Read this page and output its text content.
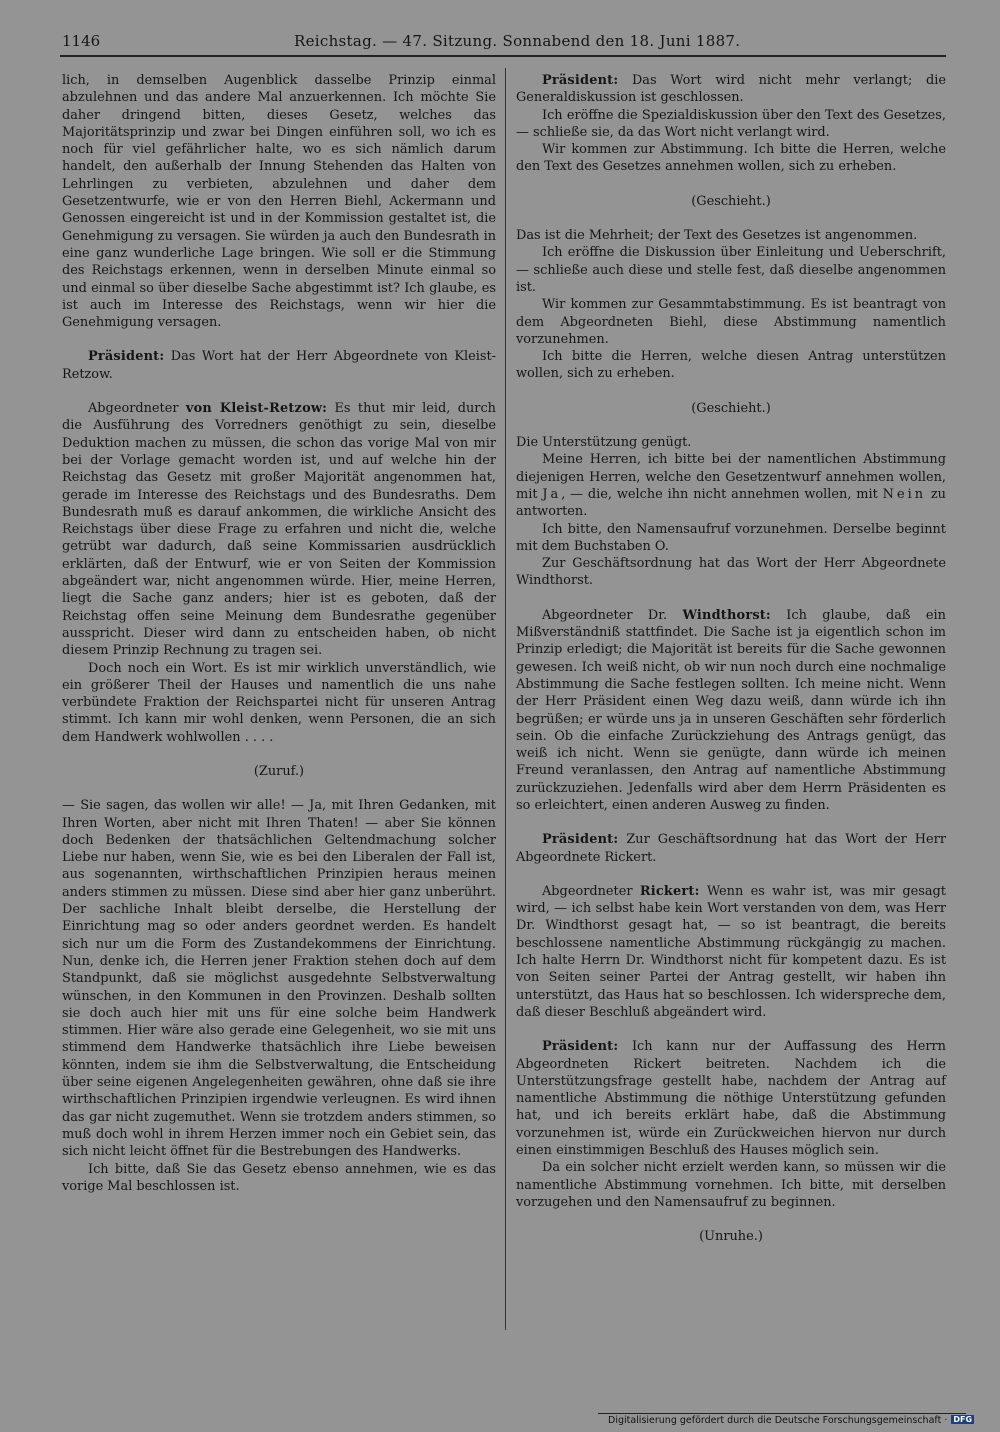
1146	Reichstag. — 47. Sitzung. Sonnabend den 18. Juni 1887.

lich, in demselben Augenblick dasselbe Prinzip einmal abzulehnen und das andere Mal anzuerkennen. Ich möchte Sie daher dringend bitten, dieses Gesetz, welches das Majoritätsprinzip und zwar bei Dingen einführen soll, wo ich es noch für viel gefährlicher halte, wo es sich nämlich darum handelt, den außerhalb der Innung Stehenden das Halten von Lehrlingen zu verbieten, abzulehnen und daher dem Gesetzentwurfe, wie er von den Herren Biehl, Ackermann und Genossen eingereicht ist und in der Kommission gestaltet ist, die Genehmigung zu versagen. Sie würden ja auch den Bundesrath in eine ganz wunderliche Lage bringen. Wie soll er die Stimmung des Reichstags erkennen, wenn in derselben Minute einmal so und einmal so über dieselbe Sache abgestimmt ist? Ich glaube, es ist auch im Interesse des Reichstags, wenn wir hier die Genehmigung versagen.

Präsident: Das Wort hat der Herr Abgeordnete von Kleist-Retzow.

Abgeordneter von Kleist-Retzow: Es thut mir leid, durch die Ausführung des Vorredners genöthigt zu sein, dieselbe Deduktion machen zu müssen, die schon das vorige Mal von mir bei der Vorlage gemacht worden ist, und auf welche hin der Reichstag das Gesetz mit großer Majorität angenommen hat, gerade im Interesse des Reichstags und des Bundesraths. Dem Bundesrath muß es darauf ankommen, die wirkliche Ansicht des Reichstags über diese Frage zu erfahren und nicht die, welche getrübt war dadurch, daß seine Kommissarien ausdrücklich erklärten, daß der Entwurf, wie er von Seiten der Kommission abgeändert war, nicht angenommen würde. Hier, meine Herren, liegt die Sache ganz anders; hier ist es geboten, daß der Reichstag offen seine Meinung dem Bundesrathe gegenüber ausspricht. Dieser wird dann zu entscheiden haben, ob nicht diesem Prinzip Rechnung zu tragen sei.

Doch noch ein Wort. Es ist mir wirklich unverständlich, wie ein größerer Theil der Hauses und namentlich die uns nahe verbündete Fraktion der Reichspartei nicht für unseren Antrag stimmt. Ich kann mir wohl denken, wenn Personen, die an sich dem Handwerk wohlwollen . . . .

(Zuruf.)

— Sie sagen, das wollen wir alle! — Ja, mit Ihren Gedanken, mit Ihren Worten, aber nicht mit Ihren Thaten! — aber Sie können doch Bedenken der thatsächlichen Geltendmachung solcher Liebe nur haben, wenn Sie, wie es bei den Liberalen der Fall ist, aus sogenannten, wirthschaftlichen Prinzipien heraus meinen anders stimmen zu müssen. Diese sind aber hier ganz unberührt. Der sachliche Inhalt bleibt derselbe, die Herstellung der Einrichtung mag so oder anders geordnet werden. Es handelt sich nur um die Form des Zustandekommens der Einrichtung. Nun, denke ich, die Herren jener Fraktion stehen doch auf dem Standpunkt, daß sie möglichst ausgedehnte Selbstverwaltung wünschen, in den Kommunen in den Provinzen. Deshalb sollten sie doch auch hier mit uns für eine solche beim Handwerk stimmen. Hier wäre also gerade eine Gelegenheit, wo sie mit uns stimmend dem Handwerke thatsächlich ihre Liebe beweisen könnten, indem sie ihm die Selbstverwaltung, die Entscheidung über seine eigenen Angelegenheiten gewähren, ohne daß sie ihre wirthschaftlichen Prinzipien irgendwie verleugnen. Es wird ihnen das gar nicht zugemuthet. Wenn sie trotzdem anders stimmen, so muß doch wohl in ihrem Herzen immer noch ein Gebiet sein, das sich nicht leicht öffnet für die Bestrebungen des Handwerks.

Ich bitte, daß Sie das Gesetz ebenso annehmen, wie es das vorige Mal beschlossen ist.

Präsident: Das Wort wird nicht mehr verlangt; die Generaldiskussion ist geschlossen.

Ich eröffne die Spezialdiskussion über den Text des Gesetzes, — schließe sie, da das Wort nicht verlangt wird.

Wir kommen zur Abstimmung. Ich bitte die Herren, welche den Text des Gesetzes annehmen wollen, sich zu erheben.

(Geschieht.)

Das ist die Mehrheit; der Text des Gesetzes ist angenommen.

Ich eröffne die Diskussion über Einleitung und Ueberschrift, — schließe auch diese und stelle fest, daß dieselbe angenommen ist.

Wir kommen zur Gesammtabstimmung. Es ist beantragt von dem Abgeordneten Biehl, diese Abstimmung namentlich vorzunehmen.

Ich bitte die Herren, welche diesen Antrag unterstützen wollen, sich zu erheben.

(Geschieht.)

Die Unterstützung genügt.

Meine Herren, ich bitte bei der namentlichen Abstimmung diejenigen Herren, welche den Gesetzentwurf annehmen wollen, mit Ja, — die, welche ihn nicht annehmen wollen, mit Nein zu antworten.

Ich bitte, den Namensaufruf vorzunehmen. Derselbe beginnt mit dem Buchstaben O.

Zur Geschäftsordnung hat das Wort der Herr Abgeordnete Windthorst.

Abgeordneter Dr. Windthorst: Ich glaube, daß ein Mißverständniß stattfindet. Die Sache ist ja eigentlich schon im Prinzip erledigt; die Majorität ist bereits für die Sache gewonnen gewesen. Ich weiß nicht, ob wir nun noch durch eine nochmalige Abstimmung die Sache festlegen sollten. Ich meine nicht. Wenn der Herr Präsident einen Weg dazu weiß, dann würde ich ihn begrüßen; er würde uns ja in unseren Geschäften sehr förderlich sein. Ob die einfache Zurückziehung des Antrags genügt, das weiß ich nicht. Wenn sie genügte, dann würde ich meinen Freund veranlassen, den Antrag auf namentliche Abstimmung zurückzuziehen. Jedenfalls wird aber dem Herrn Präsidenten es so erleichtert, einen anderen Ausweg zu finden.

Präsident: Zur Geschäftsordnung hat das Wort der Herr Abgeordnete Rickert.

Abgeordneter Rickert: Wenn es wahr ist, was mir gesagt wird, — ich selbst habe kein Wort verstanden von dem, was Herr Dr. Windthorst gesagt hat, — so ist beantragt, die bereits beschlossene namentliche Abstimmung rückgängig zu machen. Ich halte Herrn Dr. Windthorst nicht für kompetent dazu. Es ist von Seiten seiner Partei der Antrag gestellt, wir haben ihn unterstützt, das Haus hat so beschlossen. Ich widerspreche dem, daß dieser Beschluß abgeändert wird.

Präsident: Ich kann nur der Auffassung des Herrn Abgeordneten Rickert beitreten. Nachdem ich die Unterstützungsfrage gestellt habe, nachdem der Antrag auf namentliche Abstimmung die nöthige Unterstützung gefunden hat, und ich bereits erklärt habe, daß die Abstimmung vorzunehmen ist, würde ein Zurückweichen hiervon nur durch einen einstimmigen Beschluß des Hauses möglich sein.

Da ein solcher nicht erzielt werden kann, so müssen wir die namentliche Abstimmung vornehmen. Ich bitte, mit derselben vorzugehen und den Namensaufruf zu beginnen.

(Unruhe.)

Digitalisierung gefördert durch die Deutsche Forschungsgemeinschaft · DFG
